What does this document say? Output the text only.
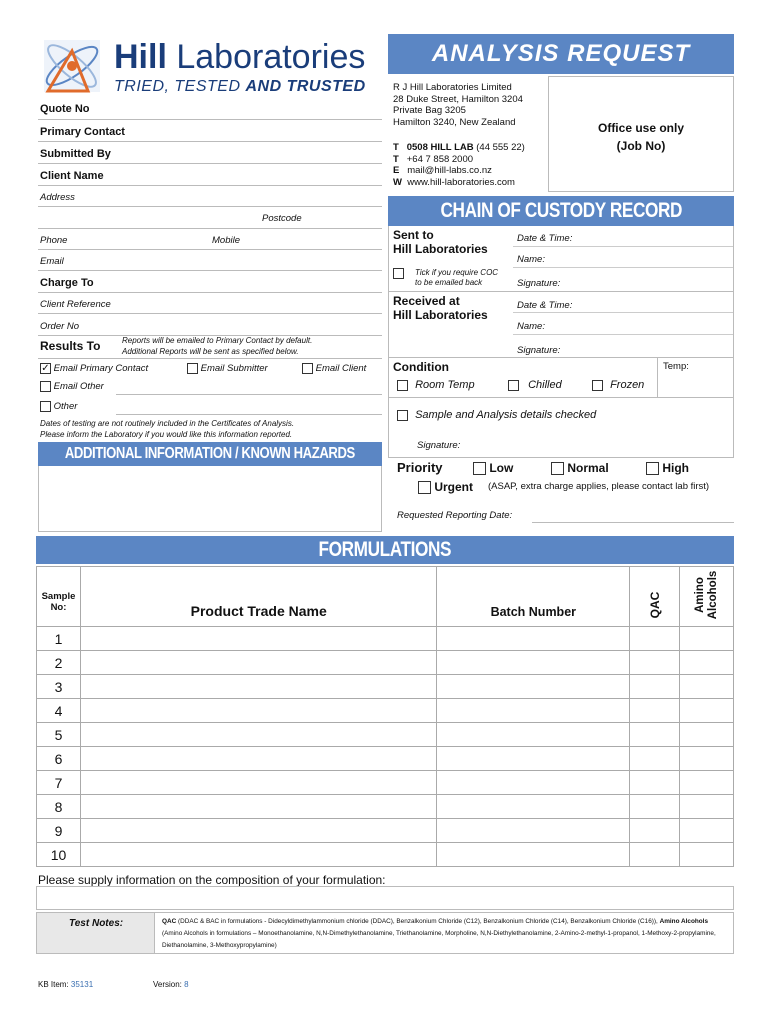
Hill Laboratories
TRIED, TESTED AND TRUSTED
ANALYSIS REQUEST
R J Hill Laboratories Limited
28 Duke Street, Hamilton 3204
Private Bag 3205
Hamilton 3240, New Zealand
T 0508 HILL LAB (44 555 22)
T +64 7 858 2000
E mail@hill-labs.co.nz
W www.hill-laboratories.com
Office use only
(Job No)
Quote No
Primary Contact
Submitted By
Client Name
Address
Postcode
Phone	Mobile
Email
Charge To
Client Reference
Order No
Results To	Reports will be emailed to Primary Contact by default.
Additional Reports will be sent as specified below.
✓ Email Primary Contact	Email Submitter	Email Client
Email Other
Other
Dates of testing are not routinely included in the Certificates of Analysis.
Please inform the Laboratory if you would like this information reported.
ADDITIONAL INFORMATION / KNOWN HAZARDS
CHAIN OF CUSTODY RECORD
Sent to
Hill Laboratories
Date & Time:
Name:
Tick if you require COC
to be emailed back	Signature:
Received at
Hill Laboratories
Date & Time:
Name:
Signature:
Condition	Temp:
Room Temp	Chilled	Frozen
Sample and Analysis details checked
Signature:
Priority	Low	Normal	High
Urgent (ASAP, extra charge applies, please contact lab first)
Requested Reporting Date:
FORMULATIONS
Sample No:	Product Trade Name	Batch Number	QAC	Amino Alcohols

1				
2				
3				
4				
5				
6				
7				
8				
9				
10				
Please supply information on the composition of your formulation:
Test Notes:	QAC (DDAC & BAC in formulations - Didecyldimethylammonium chloride (DDAC), Benzalkonium Chloride (C12), Benzalkonium Chloride (C14), Benzalkonium Chloride (C16)), Amino Alcohols (Amino Alcohols in formulations – Monoethanolamine, N,N-Dimethylethanolamine, Triethanolamine, Morpholine, N,N-Diethylethanolamine, 2-Amino-2-methyl-1-propanol, 1-Methoxy-2-propylamine, Diethanolamine, 3-Methoxypropylamine)
KB Item: 35131	Version: 8
